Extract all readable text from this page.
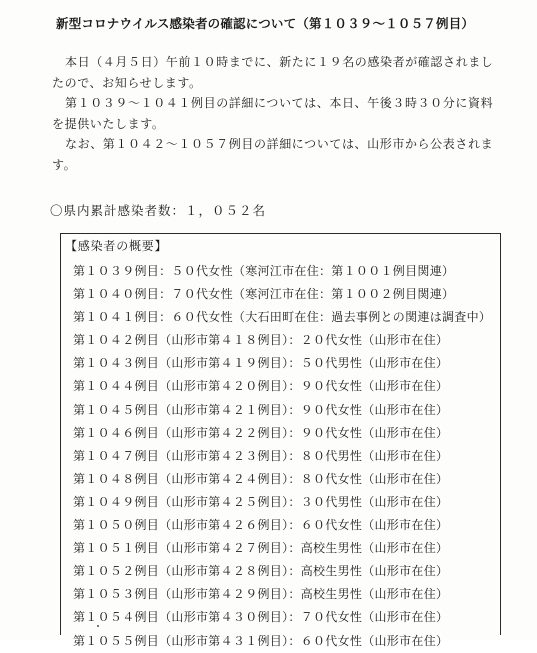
新型コロナウイルス感染者の確認について（第１０３９～１０５７例目）

本日（４月５日）午前１０時までに、新たに１９名の感染者が確認されましたので、お知らせします。

第１０３９～１０４１例目の詳細については、本日、午後３時３０分に資料を提供いたします。

なお、第１０４２～１０５７例目の詳細については、山形市から公表されます。

〇県内累計感染者数：１，０５２名
【感染者の概要】
第１０３９例目：５０代女性（寒河江市在住：第１００１例目関連）
第１０４０例目：７０代女性（寒河江市在住：第１００２例目関連）
第１０４１例目：６０代女性（大石田町在住：過去事例との関連は調査中）
第１０４２例目（山形市第４１８例目）：２０代女性（山形市在住）
第１０４３例目（山形市第４１９例目）：５０代男性（山形市在住）
第１０４４例目（山形市第４２０例目）：９０代女性（山形市在住）
第１０４５例目（山形市第４２１例目）：９０代女性（山形市在住）
第１０４６例目（山形市第４２２例目）：９０代女性（山形市在住）
第１０４７例目（山形市第４２３例目）：８０代男性（山形市在住）
第１０４８例目（山形市第４２４例目）：８０代女性（山形市在住）
第１０４９例目（山形市第４２５例目）：３０代男性（山形市在住）
第１０５０例目（山形市第４２６例目）：６０代女性（山形市在住）
第１０５１例目（山形市第４２７例目）：高校生男性（山形市在住）
第１０５２例目（山形市第４２８例目）：高校生男性（山形市在住）
第１０５３例目（山形市第４２９例目）：高校生男性（山形市在住）
第１０５４例目（山形市第４３０例目）：７０代女性（山形市在住）
第１０５５例目（山形市第４３１例目）：６０代女性（山形市在住）
